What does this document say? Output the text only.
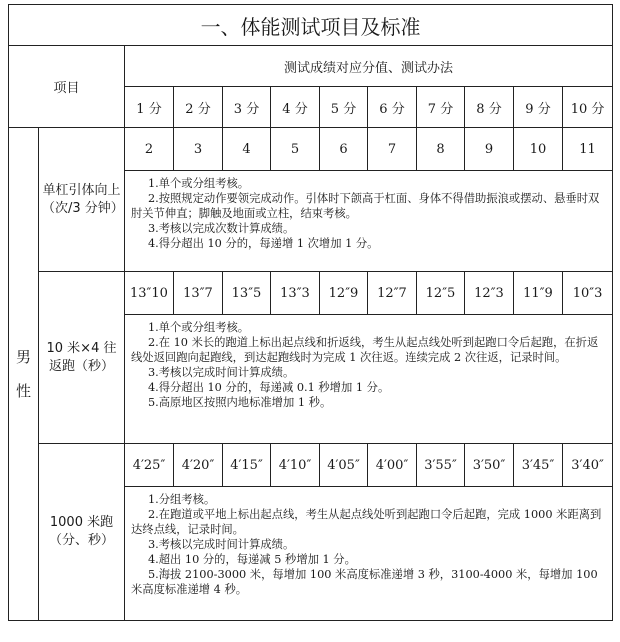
一、体能测试项目及标准											
项目		测试成绩对应分值、测试办法									
		1 分	2 分	3 分	4 分	5 分	6 分	7 分	8 分	9 分	10 分

男
性	单杠引体向上（次/3 分钟）	2	3	4	5	6	7	8	9	10	11

		1.单个或分组考核。

2.按照规定动作要领完成动作。引体时下颌高于杠面、身体不得借助振浪或摆动、悬垂时双肘关节伸直；脚触及地面或立柱，结束考核。

3.考核以完成次数计算成绩。

4.得分超出 10 分的，每递增 1 次增加 1 分。									

	10 米×4 往返跑（秒）	13″10	13″7	13″5	13″3	12″9	12″7	12″5	12″3	11″9	10″3

		1.单个或分组考核。

2.在 10 米长的跑道上标出起点线和折返线，考生从起点线处听到起跑口令后起跑，在折返线处返回跑向起跑线，到达起跑线时为完成 1 次往返。连续完成 2 次往返，记录时间。

3.考核以完成时间计算成绩。

4.得分超出 10 分的，每递减 0.1 秒增加 1 分。

5.高原地区按照内地标准增加 1 秒。									

	1000 米跑（分、秒）	4′25″	4′20″	4′15″	4′10″	4′05″	4′00″	3′55″	3′50″	3′45″	3′40″

		1.分组考核。

2.在跑道或平地上标出起点线，考生从起点线处听到起跑口令后起跑，完成 1000 米距离到达终点线，记录时间。

3.考核以完成时间计算成绩。

4.超出 10 分的，每递减 5 秒增加 1 分。

5.海拔 2100-3000 米，每增加 100 米高度标准递增 3 秒，3100-4000 米，每增加 100 米高度标准递增 4 秒。									
